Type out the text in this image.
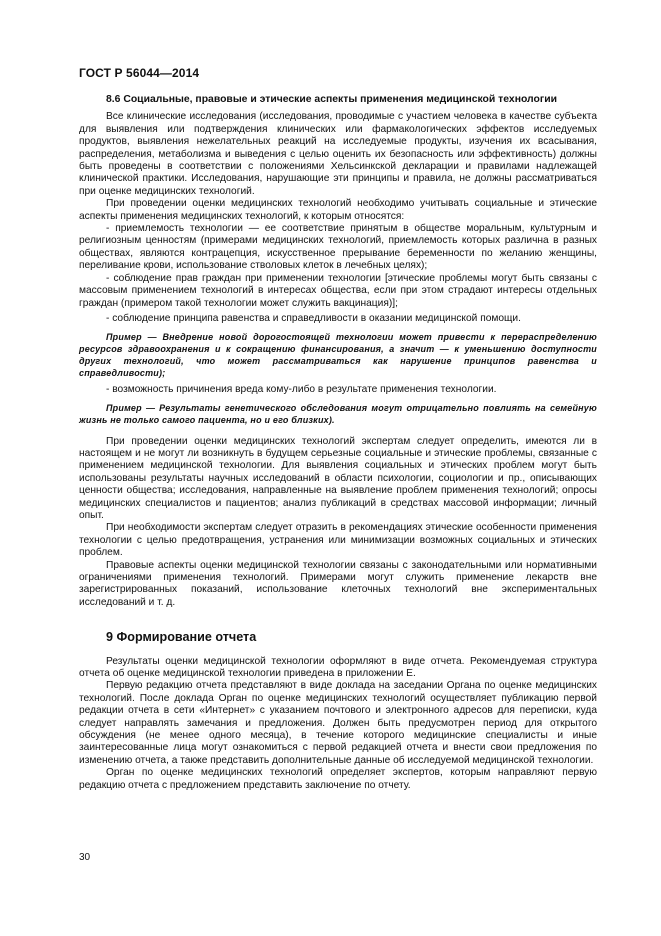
ГОСТ Р 56044—2014

8.6 Социальные, правовые и этические аспекты применения медицинской технологии

Все клинические исследования (исследования, проводимые с участием человека в качестве субъекта для выявления или подтверждения клинических или фармакологических эффектов исследуемых продуктов, выявления нежелательных реакций на исследуемые продукты, изучения их всасывания, распределения, метаболизма и выведения с целью оценить их безопасность или эффективность) должны быть проведены в соответствии с положениями Хельсинкской декларации и правилами надлежащей клинической практики. Исследования, нарушающие эти принципы и правила, не должны рассматриваться при оценке медицинских технологий.

При проведении оценки медицинских технологий необходимо учитывать социальные и этические аспекты применения медицинских технологий, к которым относятся:

- приемлемость технологии — ее соответствие принятым в обществе моральным, культурным и религиозным ценностям (примерами медицинских технологий, приемлемость которых различна в разных обществах, являются контрацепция, искусственное прерывание беременности по желанию женщины, переливание крови, использование стволовых клеток в лечебных целях);

- соблюдение прав граждан при применении технологии [этические проблемы могут быть связаны с массовым применением технологий в интересах общества, если при этом страдают интересы отдельных граждан (примером такой технологии может служить вакцинация)];

- соблюдение принципа равенства и справедливости в оказании медицинской помощи.

Пример — Внедрение новой дорогостоящей технологии может привести к перераспределению ресурсов здравоохранения и к сокращению финансирования, а значит — к уменьшению доступности других технологий, что может рассматриваться как нарушение принципов равенства и справедливости);

- возможность причинения вреда кому-либо в результате применения технологии.

Пример — Результаты генетического обследования могут отрицательно повлиять на семейную жизнь не только самого пациента, но и его близких).

При проведении оценки медицинских технологий экспертам следует определить, имеются ли в настоящем и не могут ли возникнуть в будущем серьезные социальные и этические проблемы, связанные с применением медицинской технологии. Для выявления социальных и этических проблем могут быть использованы результаты научных исследований в области психологии, социологии и пр., описывающих ценности общества; исследования, направленные на выявление проблем применения технологий; опросы медицинских специалистов и пациентов; анализ публикаций в средствах массовой информации; личный опыт.

При необходимости экспертам следует отразить в рекомендациях этические особенности применения технологии с целью предотвращения, устранения или минимизации возможных социальных и этических проблем.

Правовые аспекты оценки медицинской технологии связаны с законодательными или нормативными ограничениями применения технологий. Примерами могут служить применение лекарств вне зарегистрированных показаний, использование клеточных технологий вне экспериментальных исследований и т. д.

9 Формирование отчета

Результаты оценки медицинской технологии оформляют в виде отчета. Рекомендуемая структура отчета об оценке медицинской технологии приведена в приложении Е.

Первую редакцию отчета представляют в виде доклада на заседании Органа по оценке медицинских технологий. После доклада Орган по оценке медицинских технологий осуществляет публикацию первой редакции отчета в сети «Интернет» с указанием почтового и электронного адресов для переписки, куда следует направлять замечания и предложения. Должен быть предусмотрен период для открытого обсуждения (не менее одного месяца), в течение которого медицинские специалисты и иные заинтересованные лица могут ознакомиться с первой редакцией отчета и внести свои предложения по изменению отчета, а также представить дополнительные данные об исследуемой медицинской технологии.

Орган по оценке медицинских технологий определяет экспертов, которым направляют первую редакцию отчета с предложением представить заключение по отчету.

30
